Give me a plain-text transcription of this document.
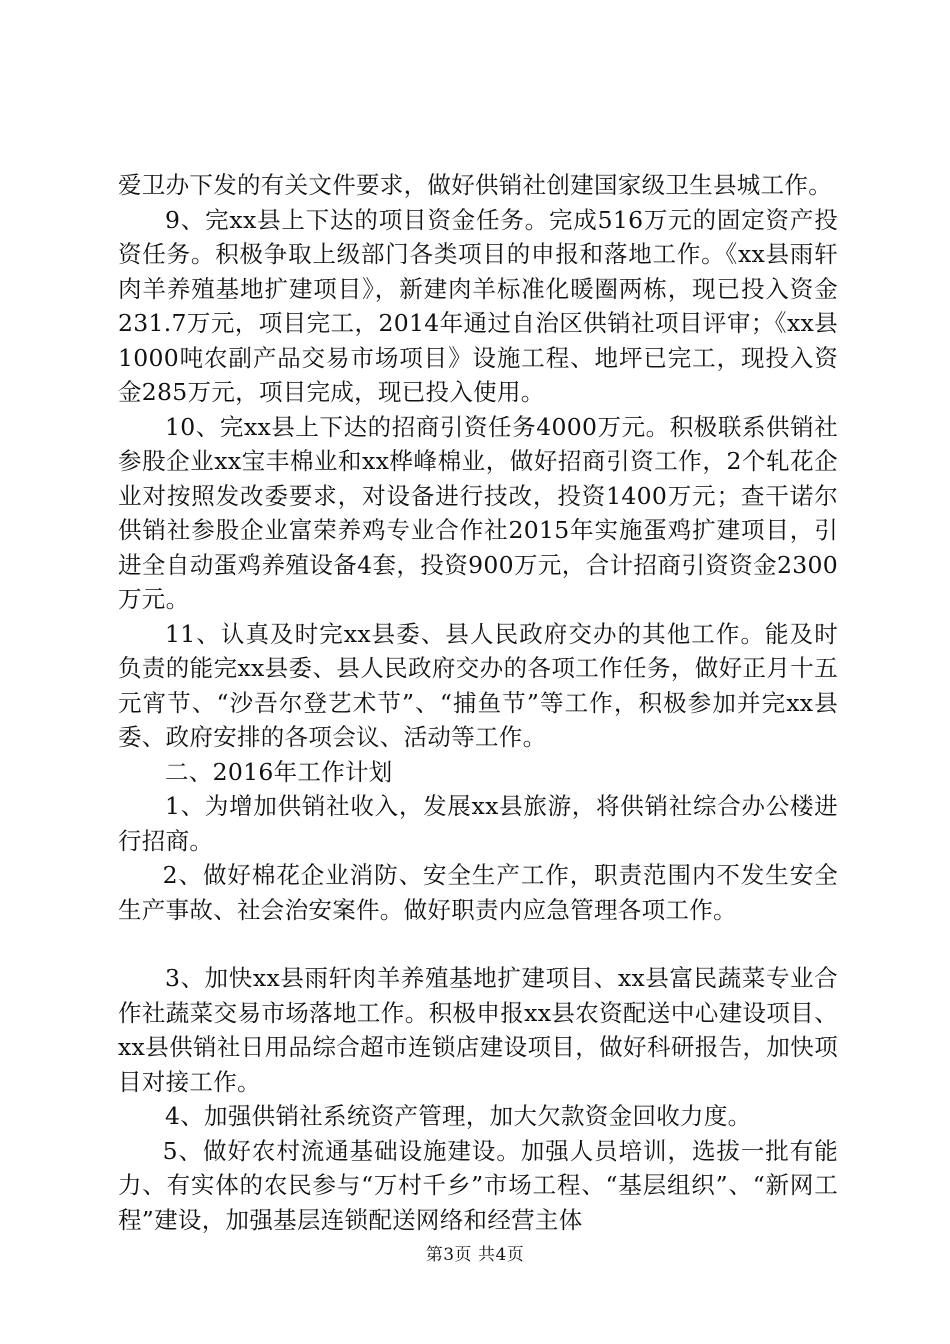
爱卫办下发的有关文件要求，做好供销社创建国家级卫生县城工作。

9、完xx县上下达的项目资金任务。完成516万元的固定资产投资任务。积极争取上级部门各类项目的申报和落地工作。《xx县雨轩肉羊养殖基地扩建项目》，新建肉羊标准化暖圈两栋，现已投入资金231.7万元，项目完工，2014年通过自治区供销社项目评审；《xx县1000吨农副产品交易市场项目》设施工程、地坪已完工，现投入资金285万元，项目完成，现已投入使用。

10、完xx县上下达的招商引资任务4000万元。积极联系供销社参股企业xx宝丰棉业和xx桦峰棉业，做好招商引资工作，2个轧花企业对按照发改委要求，对设备进行技改，投资1400万元；查干诺尔供销社参股企业富荣养鸡专业合作社2015年实施蛋鸡扩建项目，引进全自动蛋鸡养殖设备4套，投资900万元，合计招商引资资金2300万元。

11、认真及时完xx县委、县人民政府交办的其他工作。能及时负责的能完xx县委、县人民政府交办的各项工作任务，做好正月十五元宵节、“沙吾尔登艺术节”、“捕鱼节”等工作，积极参加并完xx县委、政府安排的各项会议、活动等工作。

二、2016年工作计划

1、为增加供销社收入，发展xx县旅游，将供销社综合办公楼进行招商。

2、做好棉花企业消防、安全生产工作，职责范围内不发生安全生产事故、社会治安案件。做好职责内应急管理各项工作。

3、加快xx县雨轩肉羊养殖基地扩建项目、xx县富民蔬菜专业合作社蔬菜交易市场落地工作。积极申报xx县农资配送中心建设项目、xx县供销社日用品综合超市连锁店建设项目，做好科研报告，加快项目对接工作。

4、加强供销社系统资产管理，加大欠款资金回收力度。

5、做好农村流通基础设施建设。加强人员培训，选拔一批有能力、有实体的农民参与“万村千乡”市场工程、“基层组织”、“新网工程”建设，加强基层连锁配送网络和经营主体

第3页 共4页
